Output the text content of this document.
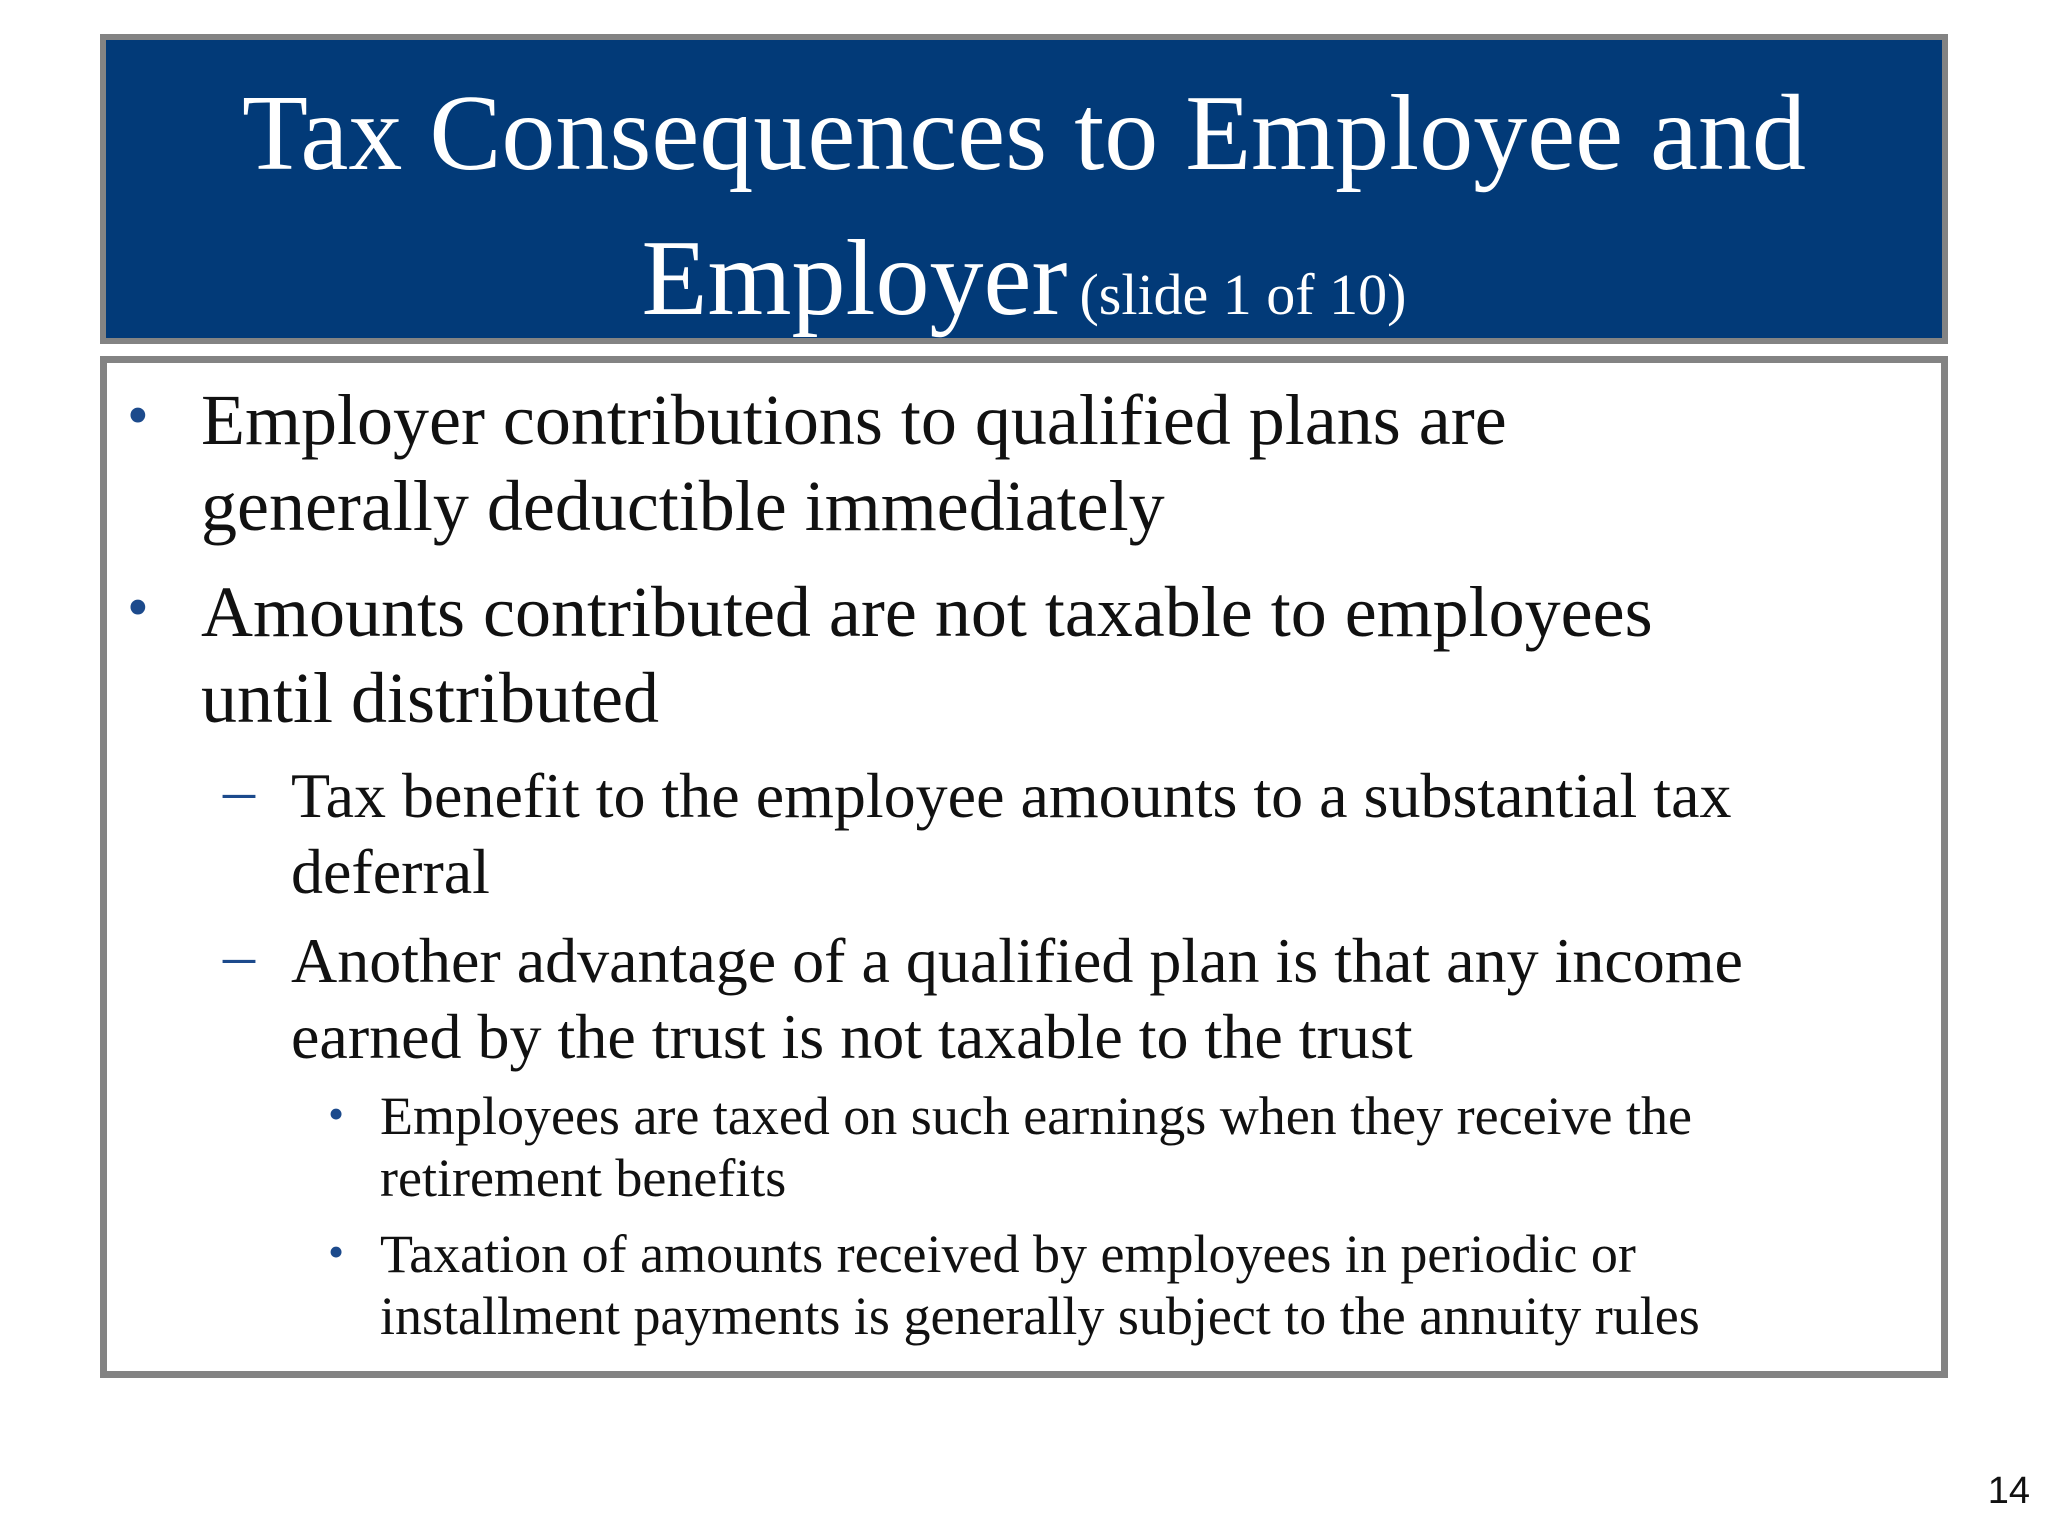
Tax Consequences to Employee and
Employer (slide 1 of 10)
• Employer contributions to qualified plans are
generally deductible immediately
• Amounts contributed are not taxable to employees
until distributed
– Tax benefit to the employee amounts to a substantial tax
deferral
– Another advantage of a qualified plan is that any income
earned by the trust is not taxable to the trust
• Employees are taxed on such earnings when they receive the
retirement benefits
• Taxation of amounts received by employees in periodic or
installment payments is generally subject to the annuity rules
14
